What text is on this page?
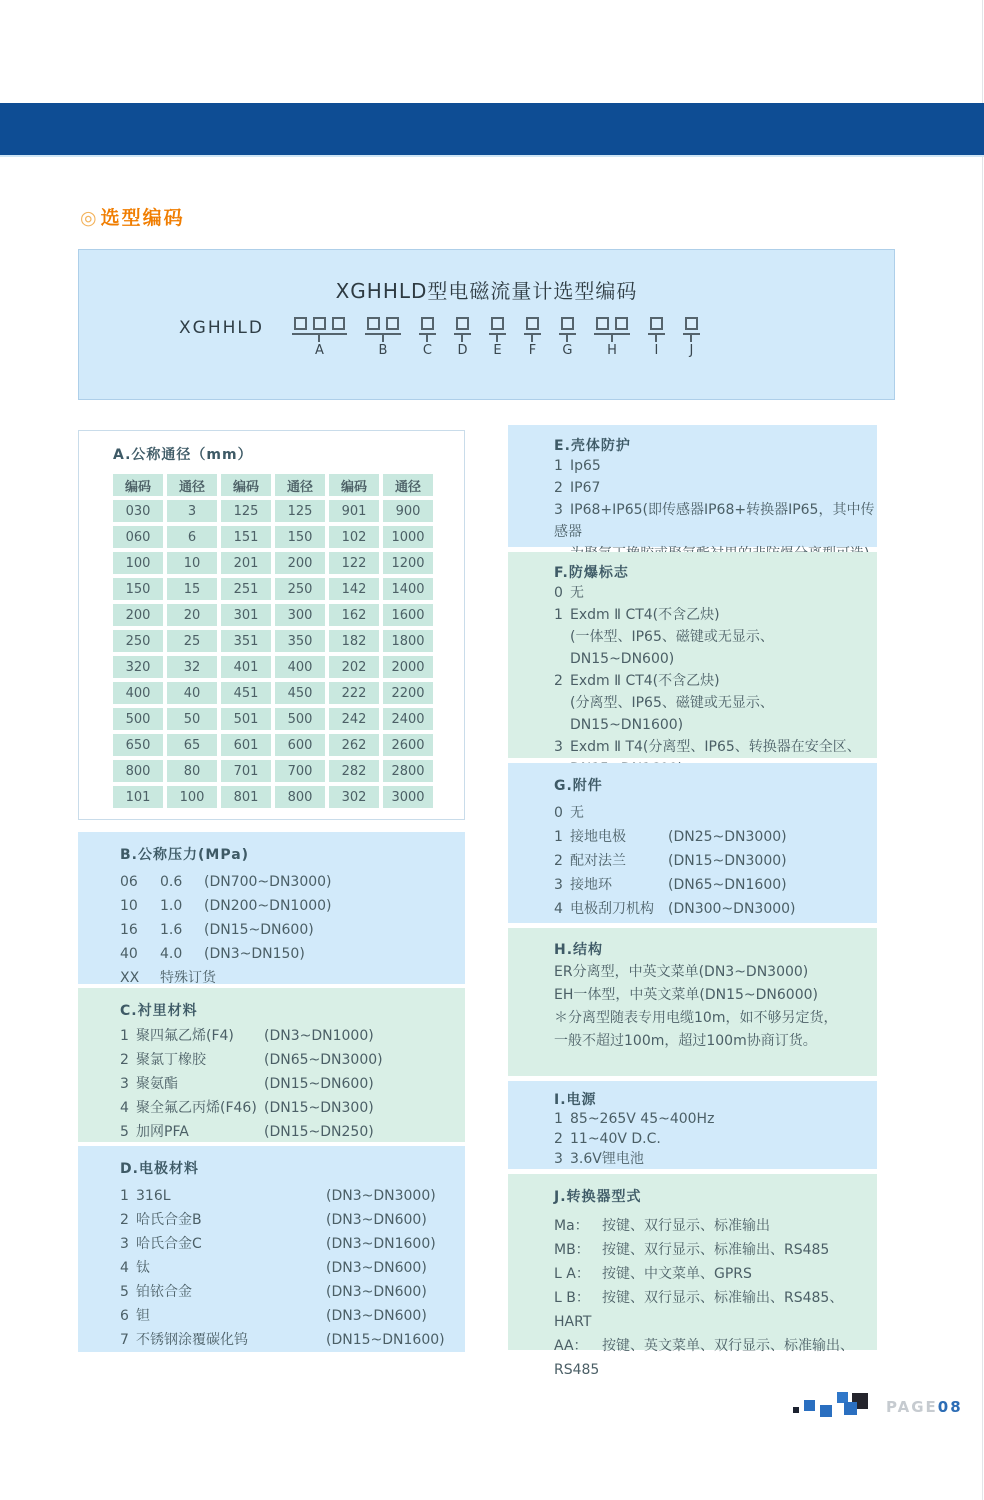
◎ 选型编码
XGHHLD型电磁流量计选型编码
XGHHLD
A	B	C D E F G	H	I J
A.公称通径（mm）
编码	通径	编码	通径	编码	通径
030	3	125	125	901	900
060	6	151	150	102	1000
100	10	201	200	122	1200
150	15	251	250	142	1400
200	20	301	300	162	1600
250	25	351	350	182	1800
320	32	401	400	202	2000
400	40	451	450	222	2200
500	50	501	500	242	2400
650	65	601	600	262	2600
800	80	701	700	282	2800
101	100	801	800	302	3000
B.公称压力(MPa)
06 0.6 (DN700~DN3000)
10 1.0 (DN200~DN1000)
16 1.6 (DN15~DN600)
40 4.0 (DN3~DN150)
XX 特殊订货
C.衬里材料
1 聚四氟乙烯(F4) (DN3~DN1000)
2 聚氯丁橡胶	(DN65~DN3000)
3 聚氨酯	(DN15~DN600)
4 聚全氟乙丙烯(F46) (DN15~DN300)
5 加网PFA	(DN15~DN250)
D.电极材料
1 316L	(DN3~DN3000)
2 哈氏合金B	(DN3~DN600)
3 哈氏合金C	(DN3~DN1600)
4 钛	(DN3~DN600)
5 铂铱合金	(DN3~DN600)
6 钽	(DN3~DN600)
7 不锈钢涂覆碳化钨	(DN15~DN1600)
E.壳体防护
1 Ip65
2 IP67
3 IP68+IP65(即传感器IP68+转换器IP65，其中传感器
F.防爆标志
0 无
1 Exdm Ⅱ CT4(不含乙炔)
(一体型、IP65、磁键或无显示、DN15~DN600)
2 Exdm Ⅱ CT4(不含乙炔)
(分离型、IP65、磁键或无显示、DN15~DN1600)
3 Exdm Ⅱ T4(分离型、IP65、转换器在安全区、
G.附件
0 无
1 接地电极	(DN25~DN3000)
2 配对法兰	(DN15~DN3000)
3 接地环	(DN65~DN1600)
4 电极刮刀机构 (DN300~DN3000)
H.结构
ER分离型，中英文菜单(DN3~DN3000)
EH一体型，中英文菜单(DN15~DN6000)
＊分离型随表专用电缆10m，如不够另定货，
一般不超过100m，超过100m协商订货。
I.电源
1 85~265V 45~400Hz
2 11~40V D.C.
3 3.6V锂电池
J.转换器型式
Ma： 按键、双行显示、标准输出
MB： 按键、双行显示、标准输出、RS485
L A： 按键、中文菜单、GPRS
L B： 按键、双行显示、标准输出、RS485、HART
AA： 按键、英文菜单、双行显示、标准输出、RS485
PAGE08
